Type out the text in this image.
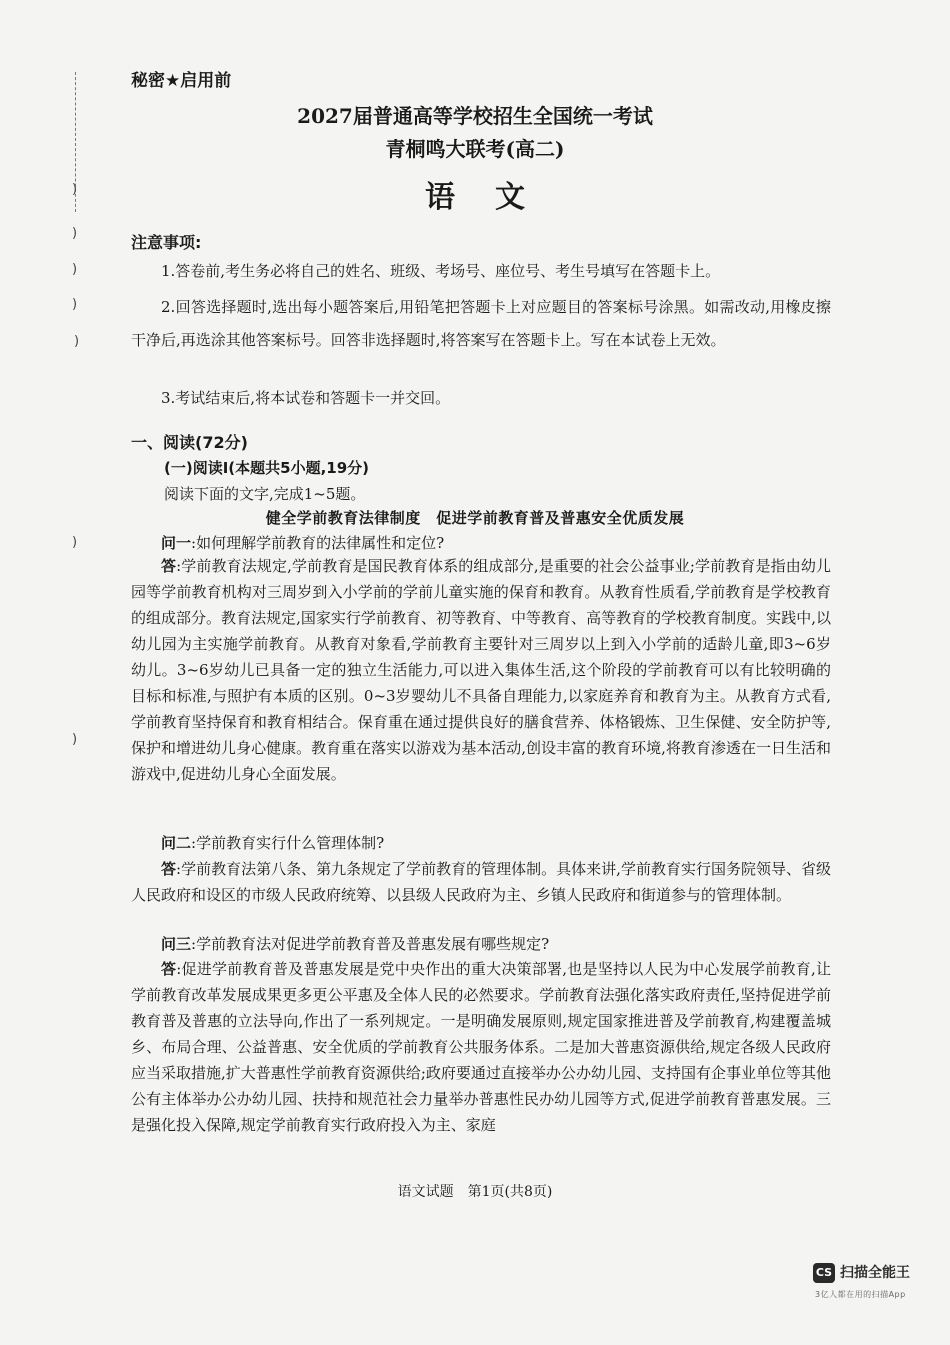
)
)
)
)
)
)
)
秘密★启用前
2027届普通高等学校招生全国统一考试
青桐鸣大联考(高二)
语文
注意事项:

1.答卷前,考生务必将自己的姓名、班级、考场号、座位号、考生号填写在答题卡上。

2.回答选择题时,选出每小题答案后,用铅笔把答题卡上对应题目的答案标号涂黑。如需改动,用橡皮擦干净后,再选涂其他答案标号。回答非选择题时,将答案写在答题卡上。写在本试卷上无效。

3.考试结束后,将本试卷和答题卡一并交回。

一、阅读(72分)
(一)阅读Ⅰ(本题共5小题,19分)
阅读下面的文字,完成1~5题。
健全学前教育法律制度　促进学前教育普及普惠安全优质发展
问一:如何理解学前教育的法律属性和定位?

答:学前教育法规定,学前教育是国民教育体系的组成部分,是重要的社会公益事业;学前教育是指由幼儿园等学前教育机构对三周岁到入小学前的学前儿童实施的保育和教育。从教育性质看,学前教育是学校教育的组成部分。教育法规定,国家实行学前教育、初等教育、中等教育、高等教育的学校教育制度。实践中,以幼儿园为主实施学前教育。从教育对象看,学前教育主要针对三周岁以上到入小学前的适龄儿童,即3~6岁幼儿。3~6岁幼儿已具备一定的独立生活能力,可以进入集体生活,这个阶段的学前教育可以有比较明确的目标和标准,与照护有本质的区别。0~3岁婴幼儿不具备自理能力,以家庭养育和教育为主。从教育方式看,学前教育坚持保育和教育相结合。保育重在通过提供良好的膳食营养、体格锻炼、卫生保健、安全防护等,保护和增进幼儿身心健康。教育重在落实以游戏为基本活动,创设丰富的教育环境,将教育渗透在一日生活和游戏中,促进幼儿身心全面发展。

问二:学前教育实行什么管理体制?

答:学前教育法第八条、第九条规定了学前教育的管理体制。具体来讲,学前教育实行国务院领导、省级人民政府和设区的市级人民政府统筹、以县级人民政府为主、乡镇人民政府和街道参与的管理体制。

问三:学前教育法对促进学前教育普及普惠发展有哪些规定?

答:促进学前教育普及普惠发展是党中央作出的重大决策部署,也是坚持以人民为中心发展学前教育,让学前教育改革发展成果更多更公平惠及全体人民的必然要求。学前教育法强化落实政府责任,坚持促进学前教育普及普惠的立法导向,作出了一系列规定。一是明确发展原则,规定国家推进普及学前教育,构建覆盖城乡、布局合理、公益普惠、安全优质的学前教育公共服务体系。二是加大普惠资源供给,规定各级人民政府应当采取措施,扩大普惠性学前教育资源供给;政府要通过直接举办公办幼儿园、支持国有企事业单位等其他公有主体举办公办幼儿园、扶持和规范社会力量举办普惠性民办幼儿园等方式,促进学前教育普惠发展。三是强化投入保障,规定学前教育实行政府投入为主、家庭

语文试题　第1页(共8页)
CS 扫描全能王
3亿人都在用的扫描App
